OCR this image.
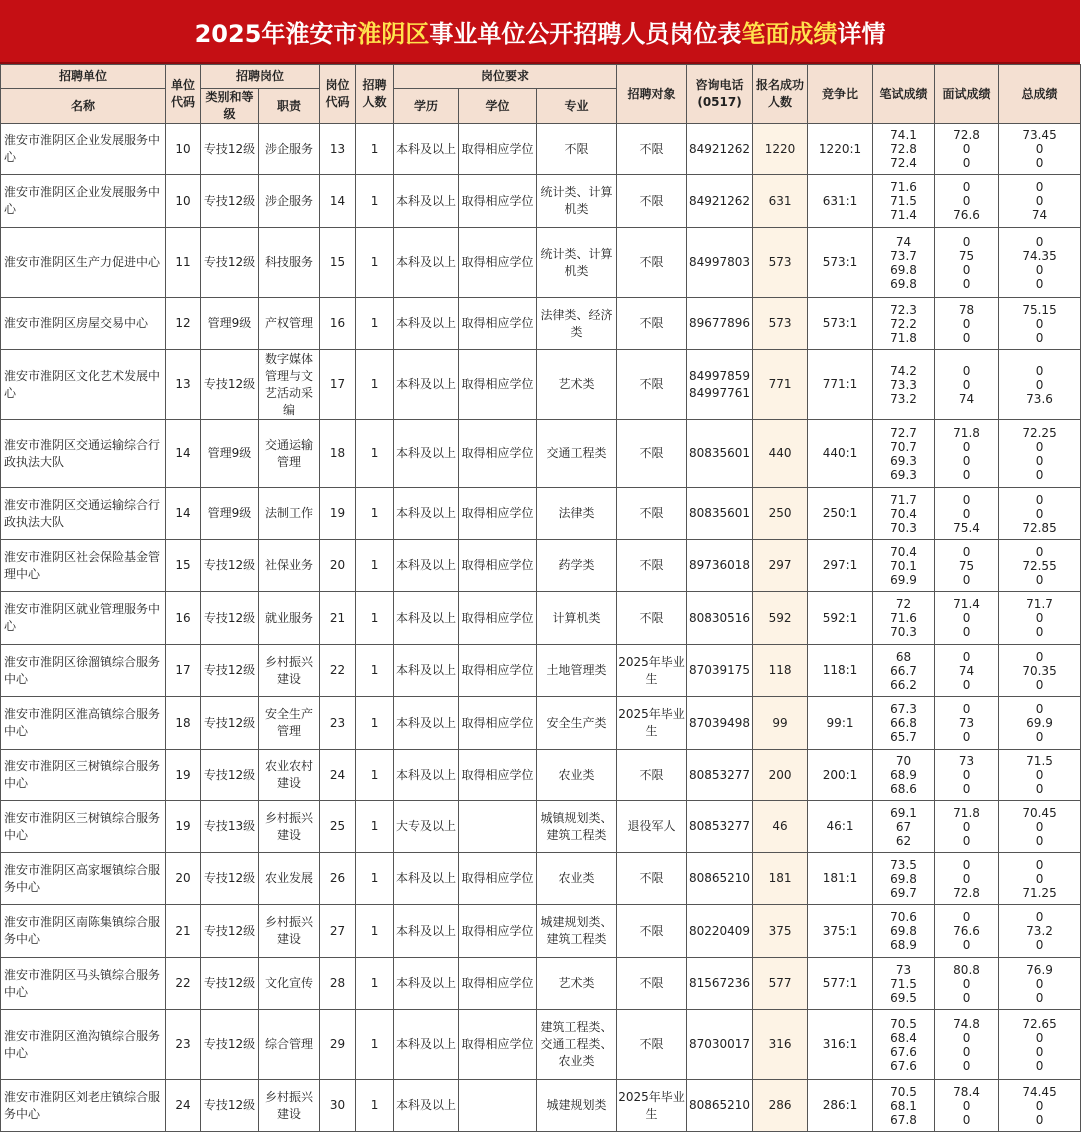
2025年淮安市 淮阴区 事业单位公开招聘人员岗位表 笔面成绩 详情
招聘单位	单位代码	招聘岗位		岗位代码	招聘人数	岗位要求			招聘对象	咨询电话(0517)	报名成功人数	竞争比	笔试成绩	面试成绩	总成绩
名称		类别和等级	职责			学历	学位	专业							
淮安市淮阴区企业发展服务中心	10	专技12级	涉企服务	13	1	本科及以上	取得相应学位	不限	不限	84921262	1220	1220:1	74.1
72.8
72.4	72.8
0
0	73.45
0
0

淮安市淮阴区企业发展服务中心	10	专技12级	涉企服务	14	1	本科及以上	取得相应学位	统计类、计算机类	不限	84921262	631	631:1	71.6
71.5
71.4	0
0
76.6	0
0
74

淮安市淮阴区生产力促进中心	11	专技12级	科技服务	15	1	本科及以上	取得相应学位	统计类、计算机类	不限	84997803	573	573:1	74
73.7
69.8
69.8	0
75
0
0	0
74.35
0
0

淮安市淮阴区房屋交易中心	12	管理9级	产权管理	16	1	本科及以上	取得相应学位	法律类、经济类	不限	89677896	573	573:1	72.3
72.2
71.8	78
0
0	75.15
0
0

淮安市淮阴区文化艺术发展中心	13	专技12级	数字媒体管理与文艺活动采编	17	1	本科及以上	取得相应学位	艺术类	不限	84997859 84997761	771	771:1	74.2
73.3
73.2	0
0
74	0
0
73.6

淮安市淮阴区交通运输综合行政执法大队	14	管理9级	交通运输管理	18	1	本科及以上	取得相应学位	交通工程类	不限	80835601	440	440:1	72.7
70.7
69.3
69.3	71.8
0
0
0	72.25
0
0
0

淮安市淮阴区交通运输综合行政执法大队	14	管理9级	法制工作	19	1	本科及以上	取得相应学位	法律类	不限	80835601	250	250:1	71.7
70.4
70.3	0
0
75.4	0
0
72.85

淮安市淮阴区社会保险基金管理中心	15	专技12级	社保业务	20	1	本科及以上	取得相应学位	药学类	不限	89736018	297	297:1	70.4
70.1
69.9	0
75
0	0
72.55
0

淮安市淮阴区就业管理服务中心	16	专技12级	就业服务	21	1	本科及以上	取得相应学位	计算机类	不限	80830516	592	592:1	72
71.6
70.3	71.4
0
0	71.7
0
0

淮安市淮阴区徐溜镇综合服务中心	17	专技12级	乡村振兴建设	22	1	本科及以上	取得相应学位	土地管理类	2025年毕业生	87039175	118	118:1	68
66.7
66.2	0
74
0	0
70.35
0

淮安市淮阴区淮高镇综合服务中心	18	专技12级	安全生产管理	23	1	本科及以上	取得相应学位	安全生产类	2025年毕业生	87039498	99	99:1	67.3
66.8
65.7	0
73
0	0
69.9
0

淮安市淮阴区三树镇综合服务中心	19	专技12级	农业农村建设	24	1	本科及以上	取得相应学位	农业类	不限	80853277	200	200:1	70
68.9
68.6	73
0
0	71.5
0
0

淮安市淮阴区三树镇综合服务中心	19	专技13级	乡村振兴建设	25	1	大专及以上		城镇规划类、建筑工程类	退役军人	80853277	46	46:1	69.1
67
62	71.8
0
0	70.45
0
0

淮安市淮阴区高家堰镇综合服务中心	20	专技12级	农业发展	26	1	本科及以上	取得相应学位	农业类	不限	80865210	181	181:1	73.5
69.8
69.7	0
0
72.8	0
0
71.25

淮安市淮阴区南陈集镇综合服务中心	21	专技12级	乡村振兴建设	27	1	本科及以上	取得相应学位	城建规划类、建筑工程类	不限	80220409	375	375:1	70.6
69.8
68.9	0
76.6
0	0
73.2
0

淮安市淮阴区马头镇综合服务中心	22	专技12级	文化宣传	28	1	本科及以上	取得相应学位	艺术类	不限	81567236	577	577:1	73
71.5
69.5	80.8
0
0	76.9
0
0

淮安市淮阴区渔沟镇综合服务中心	23	专技12级	综合管理	29	1	本科及以上	取得相应学位	建筑工程类、交通工程类、农业类	不限	87030017	316	316:1	70.5
68.4
67.6
67.6	74.8
0
0
0	72.65
0
0
0

淮安市淮阴区刘老庄镇综合服务中心	24	专技12级	乡村振兴建设	30	1	本科及以上		城建规划类	2025年毕业生	80865210	286	286:1	70.5
68.1
67.8	78.4
0
0	74.45
0
0
